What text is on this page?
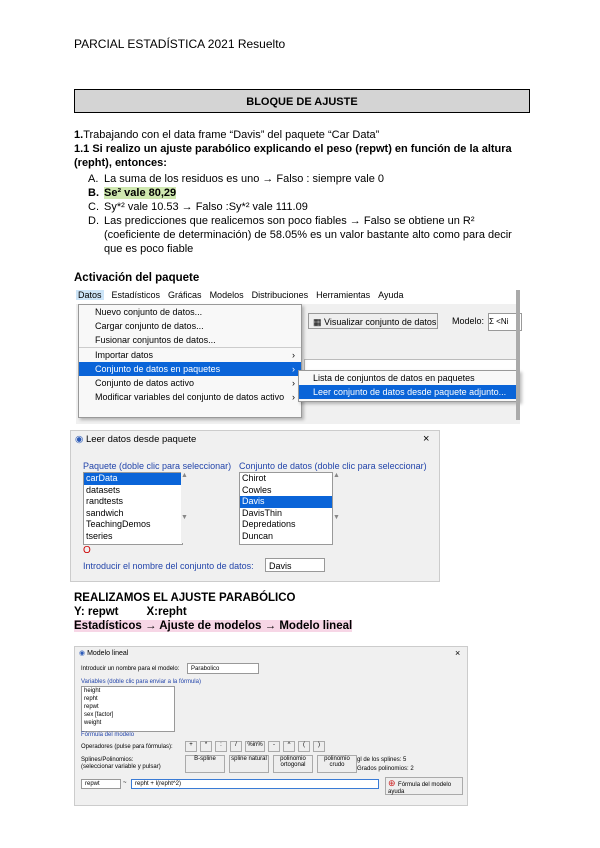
PARCIAL ESTADÍSTICA 2021 Resuelto
BLOQUE DE AJUSTE
1.Trabajando con el data frame “Davis” del paquete “Car Data”
1.1 Si realizo un ajuste parabólico explicando el peso (repwt) en función de la altura
(repht), entonces:
A. La suma de los residuos es uno → Falso : siempre vale 0
B. Se² vale 80,29
C. Sy*² vale 10.53 → Falso :Sy*² vale 111.09
D. Las predicciones que realicemos son poco fiables → Falso se obtiene un R²
(coeficiente de determinación) de 58.05% es un valor bastante alto como para decir
que es poco fiable
Activación del paquete
Datos Estadísticos Gráficas Modelos Distribuciones Herramientas Ayuda
▦ Visualizar conjunto de datos Modelo: Σ <Ni
Nuevo conjunto de datos...
Cargar conjunto de datos...
Fusionar conjuntos de datos...
Importar datos	›
Conjunto de datos en paquetes	›
Conjunto de datos activo	›
Modificar variables del conjunto de datos activo ›
Lista de conjuntos de datos en paquetes
Leer conjunto de datos desde paquete adjunto...
◉ Leer datos desde paquete	×
Paquete (doble clic para seleccionar) Conjunto de datos (doble clic para seleccionar)
carData
datasets
randtests
sandwich
TeachingDemos
tseries
▲

▼
Chirot
Cowles
Davis
DavisThin
Depredations
Duncan
▲

▼
O
Introducir el nombre del conjunto de datos:	Davis
REALIZAMOS EL AJUSTE PARABÓLICO
Y: repwt X:repht
Estadísticos → Ajuste de modelos → Modelo lineal
◉ Modelo lineal	×
Introducir un nombre para el modelo:	Parabolico
Variables (doble clic para enviar a la fórmula)
height
repht
repwt
sex [factor]
weight
Fórmula del modelo
Operadores (pulse para fórmulas):	+	*	:	/	%in%	-	^	(	)
Splines/Polinomios:
(seleccionar variable y pulsar)
B-spline	spline natural	polinomio ortogonal
polinomio crudo
gl de los splines: 5
Grados polinomios: 2
repwt	~	repht + I(repht^2)	⊕ Fórmula del modelo ayuda
